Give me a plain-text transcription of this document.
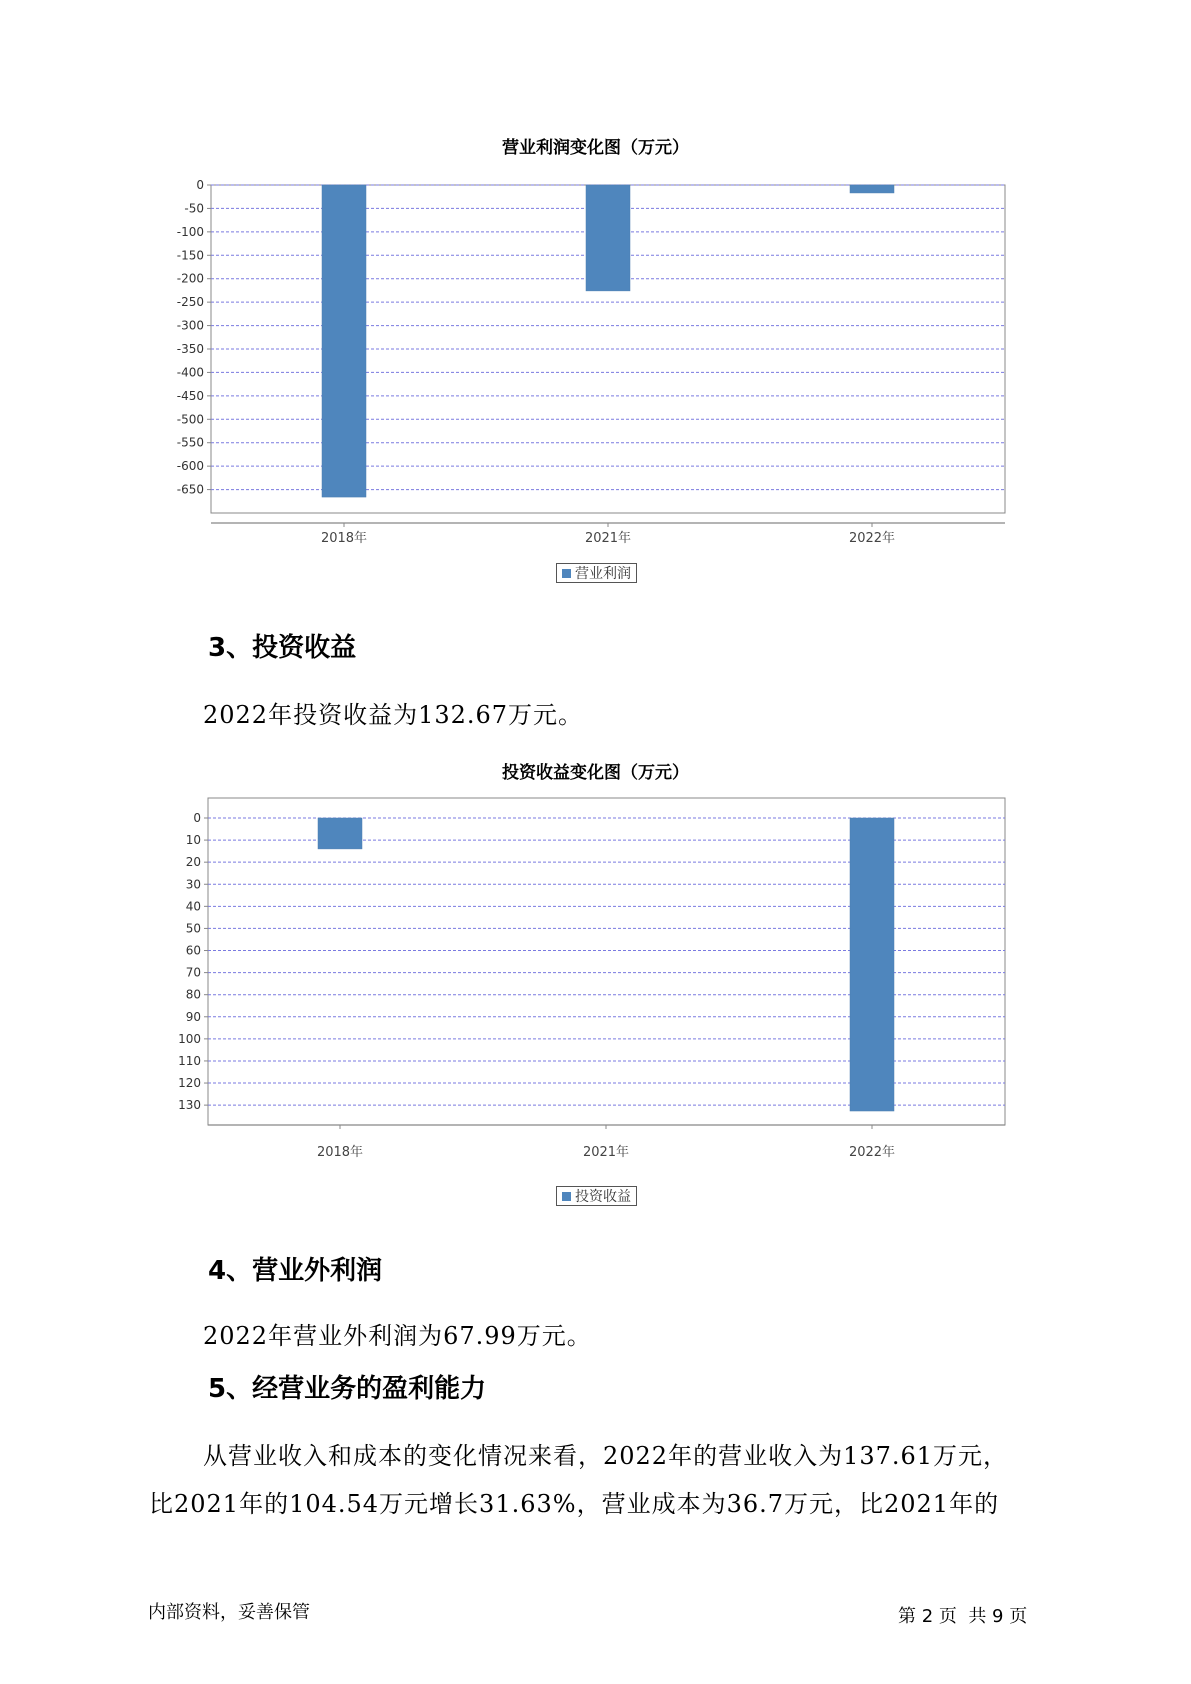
营业利润变化图（万元）
0
-50
-100
-150
-200
-250
-300
-350
-400
-450
-500
-550
-600
-650
2018年	2021年	2022年
营业利润
3、投资收益
2022年投资收益为132.67万元。
投资收益变化图（万元）
0
10
20
30
40
50
60
70
80
90
100
110
120
130
2018年	2021年	2022年
投资收益
4、营业外利润
2022年营业外利润为67.99万元。
5、经营业务的盈利能力
从营业收入和成本的变化情况来看，2022年的营业收入为137.61万元，
比2021年的104.54万元增长31.63%，营业成本为36.7万元，比2021年的
内部资料，妥善保管	第 2 页  共 9 页
